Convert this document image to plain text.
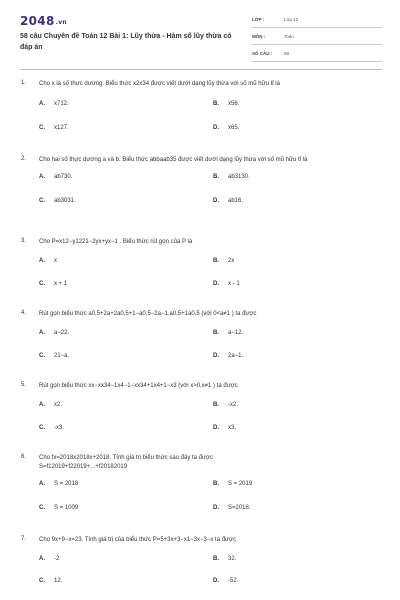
2048.vn
58 câu Chuyên đề Toán 12 Bài 1: Lũy thừa - Hàm số lũy thừa có đáp án
LỚP :	Lớp 12
MÔN :	Toán
SỐ CÂU :	58
1. Cho x là số thực dương. Biểu thức x2x34 được viết dưới dạng lũy thừa với số mũ hữu tỉ là
A. x712.	B. x56.
C. x127.	D. x65.
2. Cho hai số thực dương a và b. Biểu thức abbaab35 được viết dưới dạng lũy thừa với số mũ hữu tỉ là
A. ab730.	B. ab3130.
C. ab3031.	D. ab16.
3. Cho P=x12−y1221−2yx+yx−1 . Biểu thức rút gọn của P là
A. x	B. 2x
C. x + 1	D. x - 1
4. Rút gọn biểu thức a0,5+2a+2a0,5+1−a0,5−2a−1.a0,5+1a0,5 (với 0<a≠1 ) ta được
A. a−22.	B. a−12.
C. 21−a.	D. 2a−1.
5. Rút gọn biểu thức xx−xx34−1x4−1−xx34+1x4+1−x3 (với x>0,x≠1 ) ta được
A. x2.	B. -x2.
C. -x3.	D. x3.
6. Cho fx=2018x2018x+2018. Tính giá trị biểu thức sau đây ta được S=f12019+f22019+...+f20182019
A. S = 2018	B. S = 2019
C. S = 1009	D. S=2018.
7. Cho 9x+9−x=23. Tính giá trị của biểu thức P=5+3x+3−x1−3x−3−x ta được
A. -2	B. 32.
C. 12.	D. -52.
